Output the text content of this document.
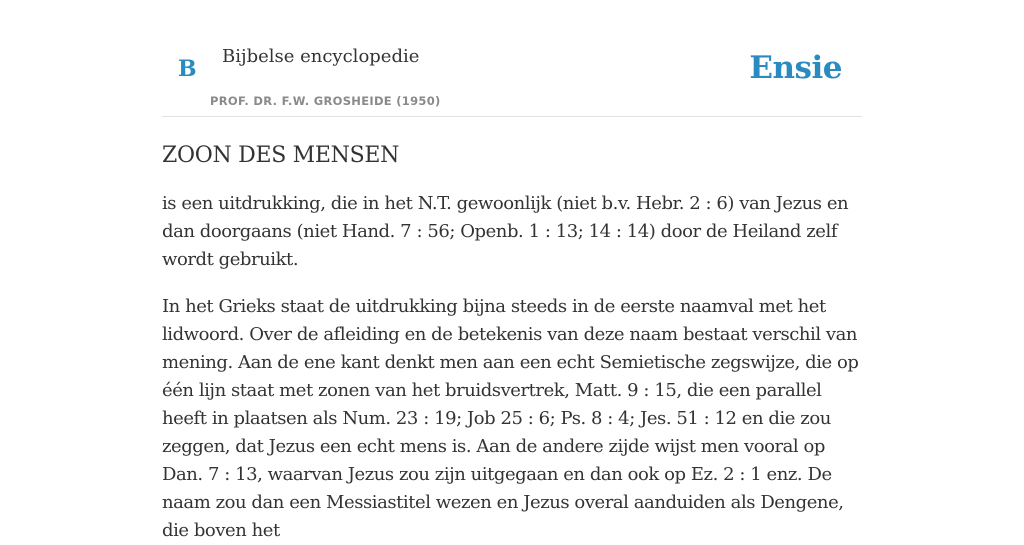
B Bijbelse encyclopedie
PROF. DR. F.W. GROSHEIDE (1950)
Ensie
ZOON DES MENSEN

is een uitdrukking, die in het N.T. gewoonlijk (niet b.v. Hebr. 2 : 6) van Jezus en dan doorgaans (niet Hand. 7 : 56; Openb. 1 : 13; 14 : 14) door de Heiland zelf wordt gebruikt.

In het Grieks staat de uitdrukking bijna steeds in de eerste naamval met het lidwoord. Over de afleiding en de betekenis van deze naam bestaat verschil van mening. Aan de ene kant denkt men aan een echt Semietische zegswijze, die op één lijn staat met zonen van het bruidsvertrek, Matt. 9 : 15, die een parallel heeft in plaatsen als Num. 23 : 19; Job 25 : 6; Ps. 8 : 4; Jes. 51 : 12 en die zou zeggen, dat Jezus een echt mens is. Aan de andere zijde wijst men vooral op Dan. 7 : 13, waarvan Jezus zou zijn uitgegaan en dan ook op Ez. 2 : 1 enz. De naam zou dan een Messiastitel wezen en Jezus overal aanduiden als Dengene, die boven het
